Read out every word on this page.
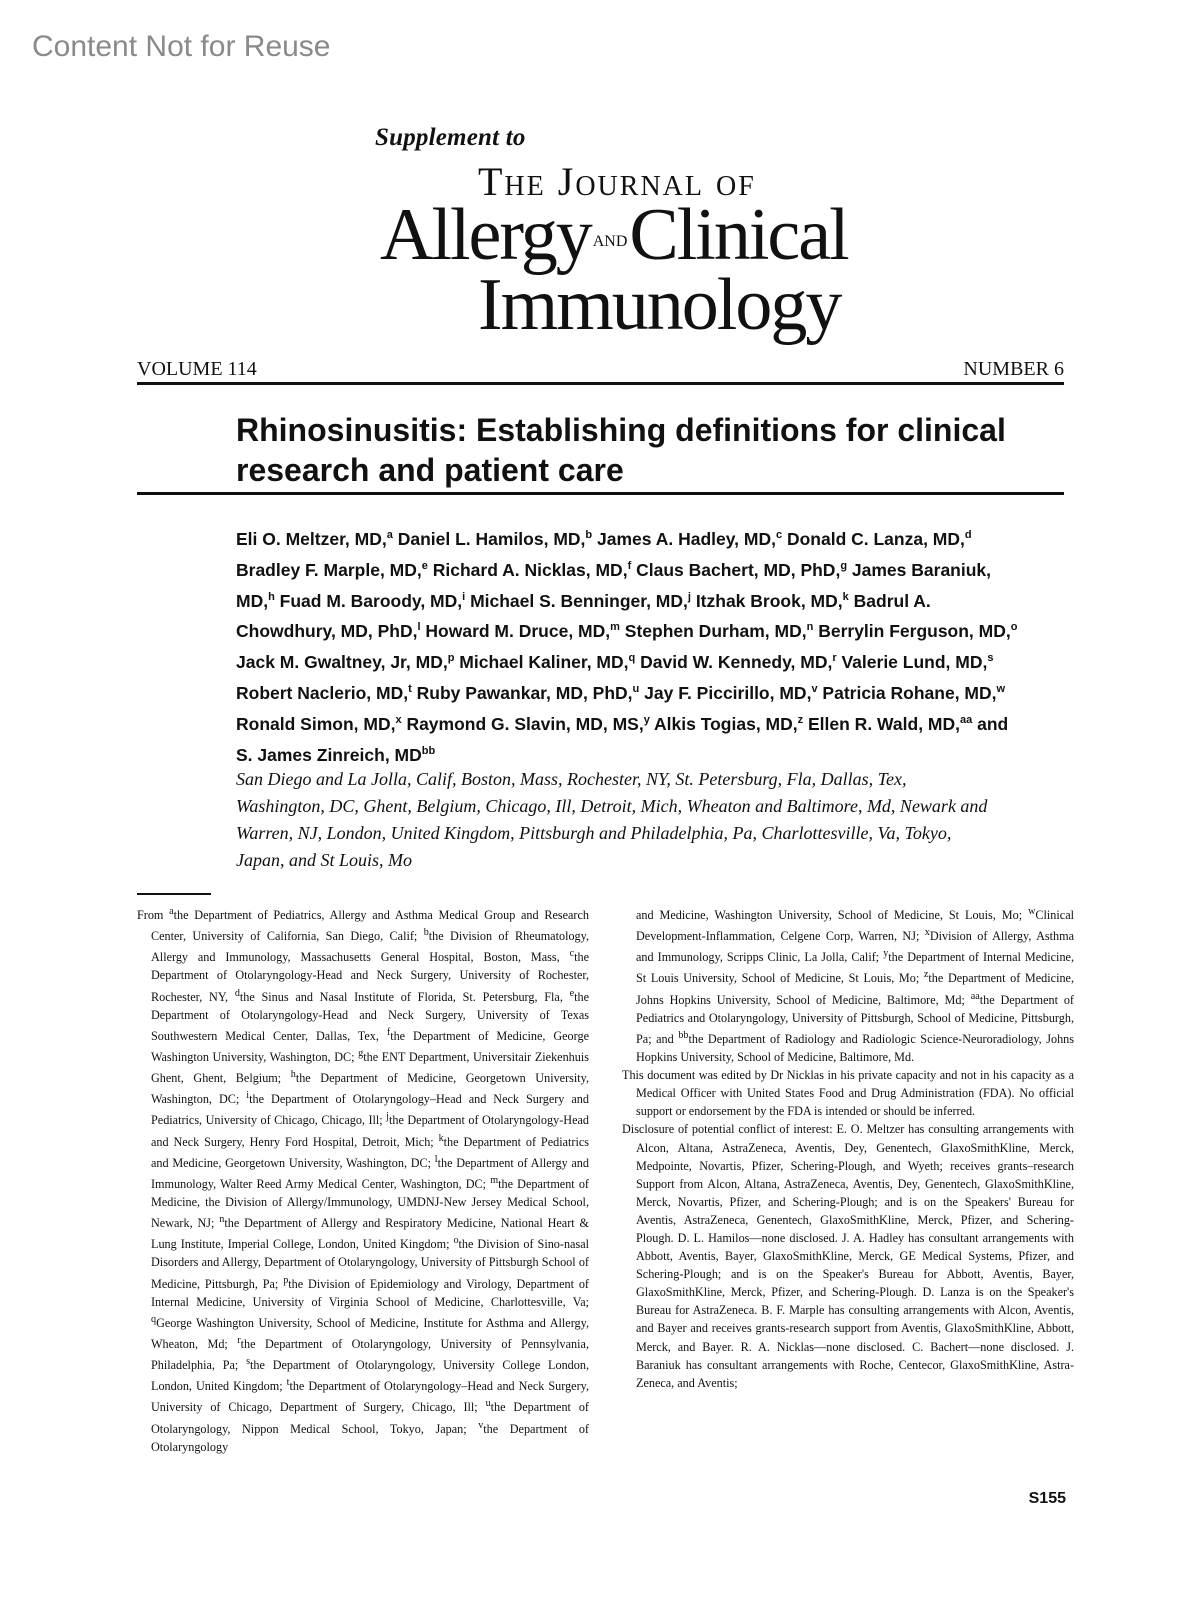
Content Not for Reuse
Supplement to
The Journal of
Allergy ANDClinical
Immunology
VOLUME 114	NUMBER 6
Rhinosinusitis: Establishing definitions for clinical research and patient care
Eli O. Meltzer, MD,$^a$ Daniel L. Hamilos, MD,$^b$ James A. Hadley, MD,$^c$ Donald C. Lanza, MD,$^d$ Bradley F. Marple, MD,$^e$ Richard A. Nicklas, MD,$^f$ Claus Bachert, MD, PhD,$^g$ James Baraniuk, MD,$^h$ Fuad M. Baroody, MD,$^i$ Michael S. Benninger, MD,$^j$ Itzhak Brook, MD,$^k$ Badrul A. Chowdhury, MD, PhD,$^l$ Howard M. Druce, MD,$^m$ Stephen Durham, MD,$^n$ Berrylin Ferguson, MD,$^o$ Jack M. Gwaltney, Jr, MD,$^p$ Michael Kaliner, MD,$^q$ David W. Kennedy, MD,$^r$ Valerie Lund, MD,$^s$ Robert Naclerio, MD,$^t$ Ruby Pawankar, MD, PhD,$^u$ Jay F. Piccirillo, MD,$^v$ Patricia Rohane, MD,$^w$ Ronald Simon, MD,$^x$ Raymond G. Slavin, MD, MS,$^y$ Alkis Togias, MD,$^z$ Ellen R. Wald, MD,$^{aa}$ and S. James Zinreich, $MD^{bb}$
San Diego and La Jolla, Calif, Boston, Mass, Rochester, NY, St. Petersburg, Fla, Dallas, Tex, Washington, DC, Ghent, Belgium, Chicago, Ill, Detroit, Mich, Wheaton and Baltimore, Md, Newark and Warren, NJ, London, United Kingdom, Pittsburgh and Philadelphia, Pa, Charlottesville, Va, Tokyo, Japan, and St Louis, Mo

From $^a$the Department of Pediatrics, Allergy and Asthma Medical Group and Research Center, University of California, San Diego, Calif; $^b$the Division of Rheumatology, Allergy and Immunology, Massachusetts General Hospital, Boston, Mass, $^c$the Department of Otolaryngology-Head and Neck Surgery, University of Rochester, Rochester, NY, $^d$the Sinus and Nasal Institute of Florida, St. Petersburg, Fla, $^e$the Department of Otolaryngology-Head and Neck Surgery, University of Texas Southwestern Medical Center, Dallas, Tex, $^f$the Department of Medicine, George Washington University, Washington, DC; $^g$the ENT Department, Universitair Ziekenhuis Ghent, Ghent, Belgium; $^h$the Department of Medicine, Georgetown University, Washington, DC; $^i$the Department of Otolaryngology–Head and Neck Surgery and Pediatrics, University of Chicago, Chicago, Ill; $^j$the Department of Otolaryngology-Head and Neck Surgery, Henry Ford Hospital, Detroit, Mich; $^k$the Department of Pediatrics and Medicine, Georgetown University, Washington, DC; $^l$the Department of Allergy and Immunology, Walter Reed Army Medical Center, Washington, DC; $^m$the Department of Medicine, the Division of Allergy/Immunology, UMDNJ-New Jersey Medical School, Newark, NJ; $^n$the Department of Allergy and Respiratory Medicine, National Heart & Lung Institute, Imperial College, London, United Kingdom; $^o$the Division of Sino-nasal Disorders and Allergy, Department of Otolaryngology, University of Pittsburgh School of Medicine, Pittsburgh, Pa; $^p$the Division of Epidemiology and Virology, Department of Internal Medicine, University of Virginia School of Medicine, Charlottesville, Va; $^q$George Washington University, School of Medicine, Institute for Asthma and Allergy, Wheaton, Md; $^r$the Department of Otolaryngology, University of Pennsylvania, Philadelphia, Pa; $^s$the Department of Otolaryngology, University College London, London, United Kingdom; $^t$the Department of Otolaryngology–Head and Neck Surgery, University of Chicago, Department of Surgery, Chicago, Ill; $^u$the Department of Otolaryngology, Nippon Medical School, Tokyo, Japan; $^v$the Department of Otolaryngology

and Medicine, Washington University, School of Medicine, St Louis, Mo; $^w$Clinical Development-Inflammation, Celgene Corp, Warren, NJ; $^x$Division of Allergy, Asthma and Immunology, Scripps Clinic, La Jolla, Calif; $^y$the Department of Internal Medicine, St Louis University, School of Medicine, St Louis, Mo; $^z$the Department of Medicine, Johns Hopkins University, School of Medicine, Baltimore, Md; $^{aa}$the Department of Pediatrics and Otolaryngology, University of Pittsburgh, School of Medicine, Pittsburgh, Pa; and $^{bb}$the Department of Radiology and Radiologic Science-Neuroradiology, Johns Hopkins University, School of Medicine, Baltimore, Md.

This document was edited by Dr Nicklas in his private capacity and not in his capacity as a Medical Officer with United States Food and Drug Administration (FDA). No official support or endorsement by the FDA is intended or should be inferred.

Disclosure of potential conflict of interest: E. O. Meltzer has consulting arrangements with Alcon, Altana, AstraZeneca, Aventis, Dey, Genentech, GlaxoSmithKline, Merck, Medpointe, Novartis, Pfizer, Schering-Plough, and Wyeth; receives grants–research Support from Alcon, Altana, AstraZeneca, Aventis, Dey, Genentech, GlaxoSmithKline, Merck, Novartis, Pfizer, and Schering-Plough; and is on the Speakers' Bureau for Aventis, AstraZeneca, Genentech, GlaxoSmithKline, Merck, Pfizer, and Schering-Plough. D. L. Hamilos—none disclosed. J. A. Hadley has consultant arrangements with Abbott, Aventis, Bayer, GlaxoSmithKline, Merck, GE Medical Systems, Pfizer, and Schering-Plough; and is on the Speaker's Bureau for Abbott, Aventis, Bayer, GlaxoSmithKline, Merck, Pfizer, and Schering-Plough. D. Lanza is on the Speaker's Bureau for AstraZeneca. B. F. Marple has consulting arrangements with Alcon, Aventis, and Bayer and receives grants-research support from Aventis, GlaxoSmithKline, Abbott, Merck, and Bayer. R. A. Nicklas—none disclosed. C. Bachert—none disclosed. J. Baraniuk has consultant arrangements with Roche, Centecor, GlaxoSmithKline, Astra-Zeneca, and Aventis;

S155
